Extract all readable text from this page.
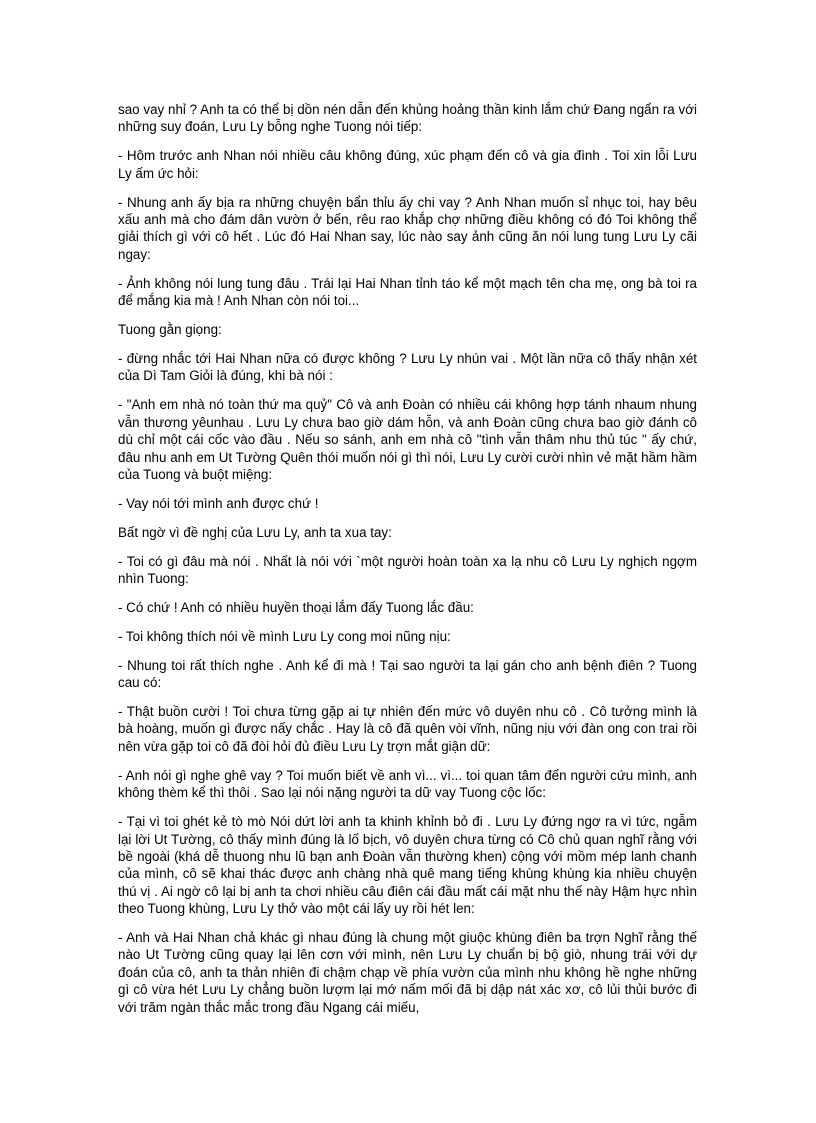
sao vay nhỉ ? Anh ta có thể bị dồn nén dẫn đến khủng hoảng thần kinh lắm chứ Đang ngẩn ra với những suy đoán, Lưu Ly bỗng nghe Tuong nói tiếp:

- Hôm trước anh Nhan nói nhiều câu không đúng, xúc phạm đến cô và gia đình . Toi xin lỗi Lưu Ly ấm ức hỏi:

- Nhung anh ấy bịa ra những chuyện bẩn thỉu ấy chi vay ? Anh Nhan muốn sỉ nhục toi, hay bêu xấu anh mà cho đám dân vườn ở bến, rêu rao khắp chợ những điều không có đó Toi không thể giải thích gì với cô hết . Lúc đó Hai Nhan say, lúc nào say ảnh cũng ăn nói lung tung Lưu Ly cãi ngay:

- Ảnh không nói lung tung đâu . Trái lại Hai Nhan tỉnh táo kể một mạch tên cha mẹ, ong bà toi ra để mắng kia mà ! Anh Nhan còn nói toi...

Tuong gằn giọng:

- đừng nhắc tới Hai Nhan nữa có được không ? Lưu Ly nhún vai . Một lần nữa cô thấy nhận xét của Dì Tam Giỏi là đúng, khi bà nói :

- "Anh em nhà nó toàn thứ ma quỷ" Cô và anh Đoàn có nhiều cái không hợp tánh nhaum nhung vẫn thương yêunhau . Lưu Ly chưa bao giờ dám hỗn, và anh Đoàn cũng chưa bao giờ đánh cô dù chỉ một cái cốc vào đầu . Nếu so sánh, anh em nhà cô "tình vẫn thâm nhu thủ túc " ấy chứ, đâu nhu anh em Ut Tường Quên thói muốn nói gì thì nói, Lưu Ly cười cười nhìn vẻ mặt hầm hầm của Tuong và buột miệng:

- Vay nói tới mình anh được chứ !

Bất ngờ vì đề nghị của Lưu Ly, anh ta xua tay:

- Toi có gì đâu mà nói . Nhất là nói với `một người hoàn toàn xa lạ nhu cô Lưu Ly nghịch ngợm nhìn Tuong:

- Có chứ ! Anh có nhiều huyền thoại lắm đấy Tuong lắc đầu:

- Toi không thích nói về mình Lưu Ly cong moi nũng nịu:

- Nhung toi rất thích nghe . Anh kể đi mà ! Tại sao người ta lại gán cho anh bệnh điên ? Tuong cau có:

- Thật buồn cười ! Toi chưa từng gặp ai tự nhiên đến mức vô duyên nhu cô . Cô tưởng mình là bà hoàng, muốn gì được nấy chắc . Hay là cô đã quên vòi vĩnh, nũng nịu với đàn ong con trai rồi nên vừa gặp toi cô đã đòi hỏi đủ điều Lưu Ly trợn mắt giận dữ:

- Anh nói gì nghe ghê vay ? Toi muốn biết về anh vì... vì... toi quan tâm đến người cứu mình, anh không thèm kể thì thôi . Sao lại nói nặng người ta dữ vay Tuong cộc lốc:

- Tại vì toi ghét kẻ tò mò Nói dứt lời anh ta khinh khỉnh bỏ đi . Lưu Ly đứng ngơ ra vì tức, ngẫm lại lời Ut Tường, cô thấy mình đúng là lố bịch, vô duyên chưa từng có Cô chủ quan nghĩ rằng với bề ngoài (khá dễ thuong nhu lũ bạn anh Đoàn vẫn thường khen) cộng với mồm mép lanh chanh của mình, cô sẽ khai thác được anh chàng nhà quê mang tiếng khùng khùng kia nhiều chuyện thú vị . Ai ngờ cô lại bị anh ta chơi nhiều câu điên cái đầu mất cái mặt nhu thế này Hậm hực nhìn theo Tuong khùng, Lưu Ly thở vào một cái lấy uy rồi hét len:

- Anh và Hai Nhan chả khác gì nhau đúng là chung một giuộc khùng điên ba trợn Nghĩ rằng thế nào Ut Tường cũng quay lại lên cơn với mình, nên Lưu Ly chuẩn bị bộ giò, nhung trái với dự đoán của cô, anh ta thản nhiên đi chậm chạp về phía vườn của mình nhu không hề nghe những gì cô vừa hét Lưu Ly chẳng buồn lượm lại mớ nấm mối đã bị dập nát xác xơ, cô lủi thủi bước đi với trăm ngàn thắc mắc trong đầu Ngang cái miếu,
